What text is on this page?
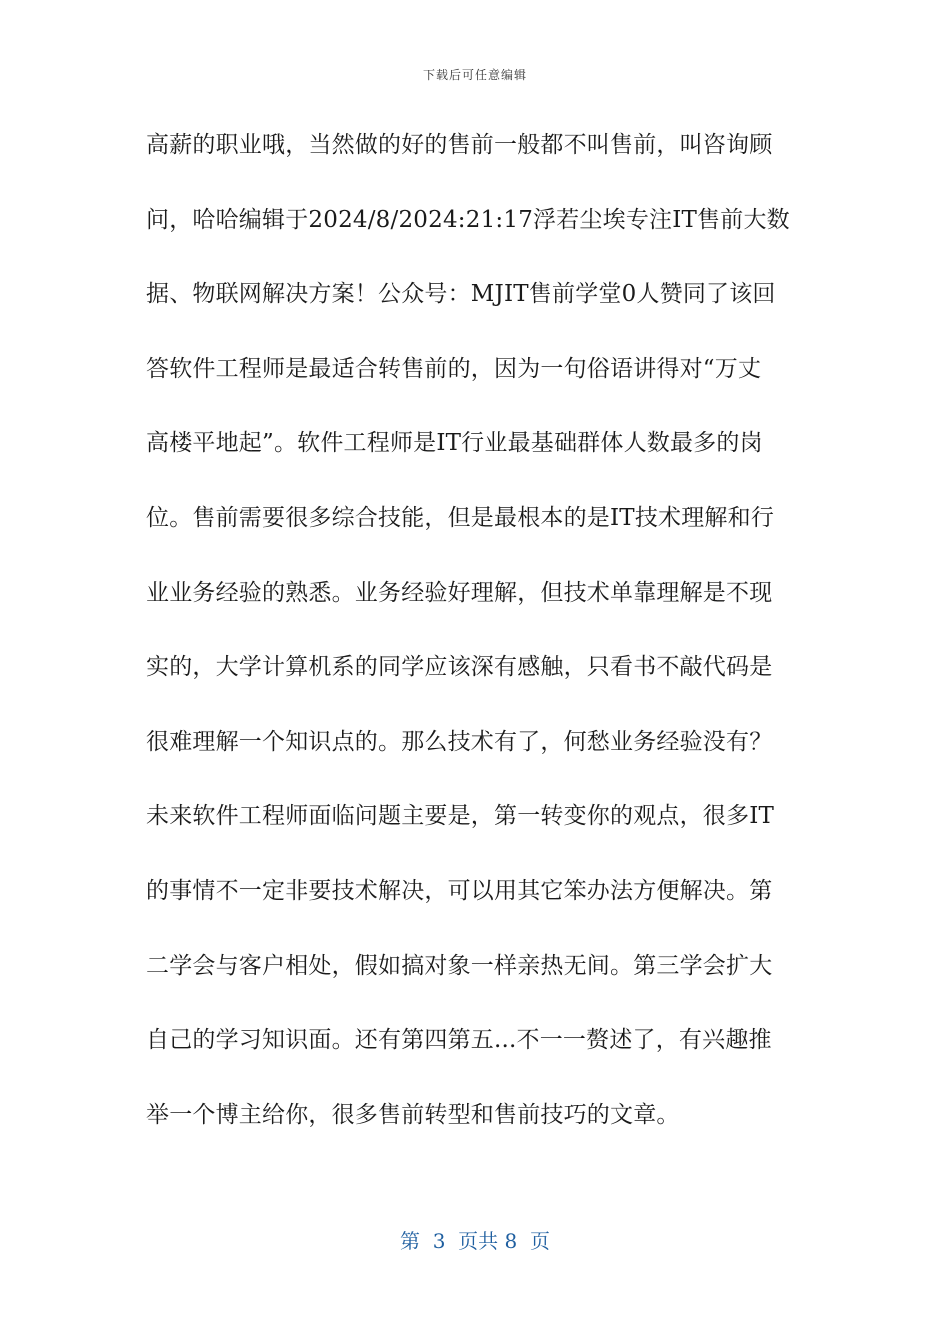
下载后可任意编辑
高薪的职业哦，当然做的好的售前一般都不叫售前，叫咨询顾
问，哈哈编辑于2024/8/2024:21:17浮若尘埃专注IT售前大数
据、物联网解决方案！公众号：MJIT售前学堂0人赞同了该回
答软件工程师是最适合转售前的，因为一句俗语讲得对“万丈
高楼平地起”。软件工程师是IT行业最基础群体人数最多的岗
位。售前需要很多综合技能，但是最根本的是IT技术理解和行
业业务经验的熟悉。业务经验好理解，但技术单靠理解是不现
实的，大学计算机系的同学应该深有感触，只看书不敲代码是
很难理解一个知识点的。那么技术有了，何愁业务经验没有？
未来软件工程师面临问题主要是，第一转变你的观点，很多IT
的事情不一定非要技术解决，可以用其它笨办法方便解决。第
二学会与客户相处，假如搞对象一样亲热无间。第三学会扩大
自己的学习知识面。还有第四第五...不一一赘述了，有兴趣推
举一个博主给你，很多售前转型和售前技巧的文章。
第  3  页共 8  页
